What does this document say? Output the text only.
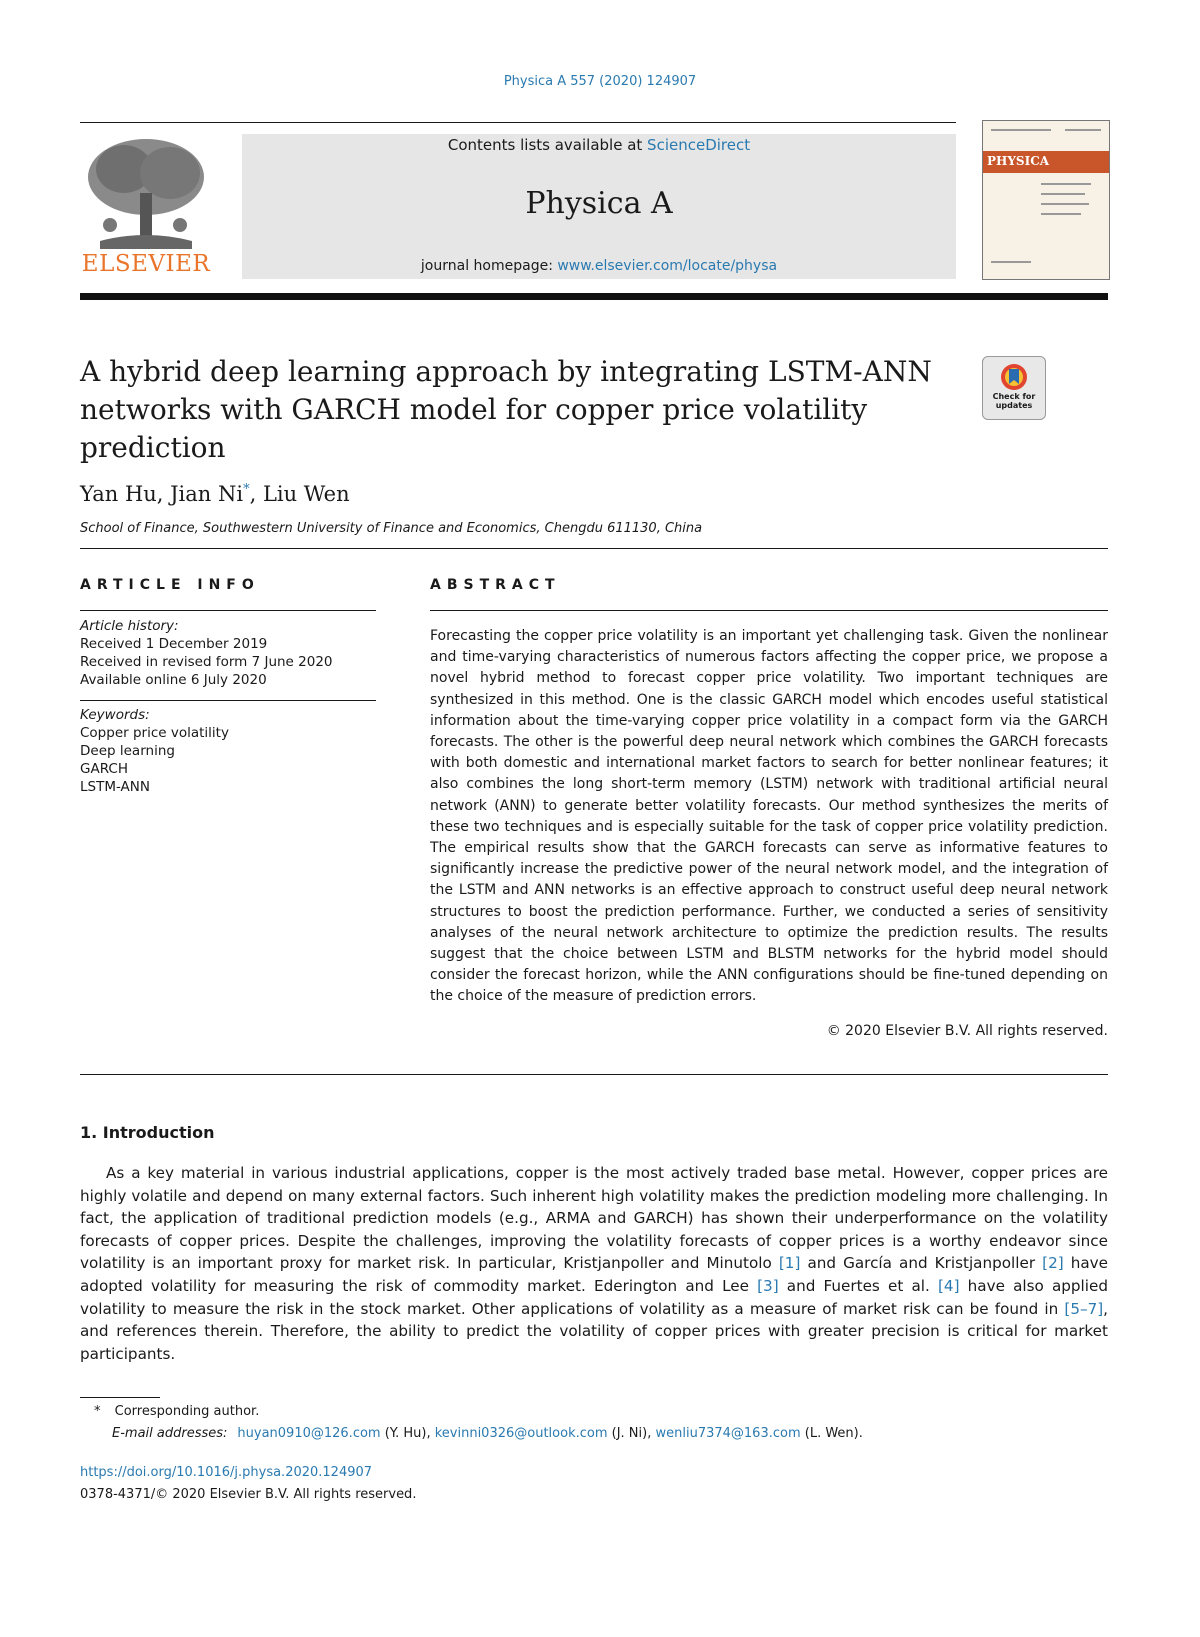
Physica A 557 (2020) 124907
ELSEVIER
Contents lists available at ScienceDirect
Physica A
journal homepage: www.elsevier.com/locate/physa
PHYSICA
A hybrid deep learning approach by integrating LSTM-ANN networks with GARCH model for copper price volatility prediction
Check for updates
Yan Hu, Jian Ni*, Liu Wen
School of Finance, Southwestern University of Finance and Economics, Chengdu 611130, China
ARTICLE INFO
Article history:
Received 1 December 2019
Received in revised form 7 June 2020
Available online 6 July 2020
Keywords:
Copper price volatility
Deep learning
GARCH
LSTM-ANN
ABSTRACT
Forecasting the copper price volatility is an important yet challenging task. Given the nonlinear and time-varying characteristics of numerous factors affecting the copper price, we propose a novel hybrid method to forecast copper price volatility. Two important techniques are synthesized in this method. One is the classic GARCH model which encodes useful statistical information about the time-varying copper price volatility in a compact form via the GARCH forecasts. The other is the powerful deep neural network which combines the GARCH forecasts with both domestic and international market factors to search for better nonlinear features; it also combines the long short-term memory (LSTM) network with traditional artificial neural network (ANN) to generate better volatility forecasts. Our method synthesizes the merits of these two techniques and is especially suitable for the task of copper price volatility prediction. The empirical results show that the GARCH forecasts can serve as informative features to significantly increase the predictive power of the neural network model, and the integration of the LSTM and ANN networks is an effective approach to construct useful deep neural network structures to boost the prediction performance. Further, we conducted a series of sensitivity analyses of the neural network architecture to optimize the prediction results. The results suggest that the choice between LSTM and BLSTM networks for the hybrid model should consider the forecast horizon, while the ANN configurations should be fine-tuned depending on the choice of the measure of prediction errors.
© 2020 Elsevier B.V. All rights reserved.
1. Introduction
As a key material in various industrial applications, copper is the most actively traded base metal. However, copper prices are highly volatile and depend on many external factors. Such inherent high volatility makes the prediction modeling more challenging. In fact, the application of traditional prediction models (e.g., ARMA and GARCH) has shown their underperformance on the volatility forecasts of copper prices. Despite the challenges, improving the volatility forecasts of copper prices is a worthy endeavor since volatility is an important proxy for market risk. In particular, Kristjanpoller and Minutolo [1] and García and Kristjanpoller [2] have adopted volatility for measuring the risk of commodity market. Ederington and Lee [3] and Fuertes et al. [4] have also applied volatility to measure the risk in the stock market. Other applications of volatility as a measure of market risk can be found in [5–7], and references therein. Therefore, the ability to predict the volatility of copper prices with greater precision is critical for market participants.
* Corresponding author.
E-mail addresses: huyan0910@126.com (Y. Hu), kevinni0326@outlook.com (J. Ni), wenliu7374@163.com (L. Wen).
https://doi.org/10.1016/j.physa.2020.124907
0378-4371/© 2020 Elsevier B.V. All rights reserved.
